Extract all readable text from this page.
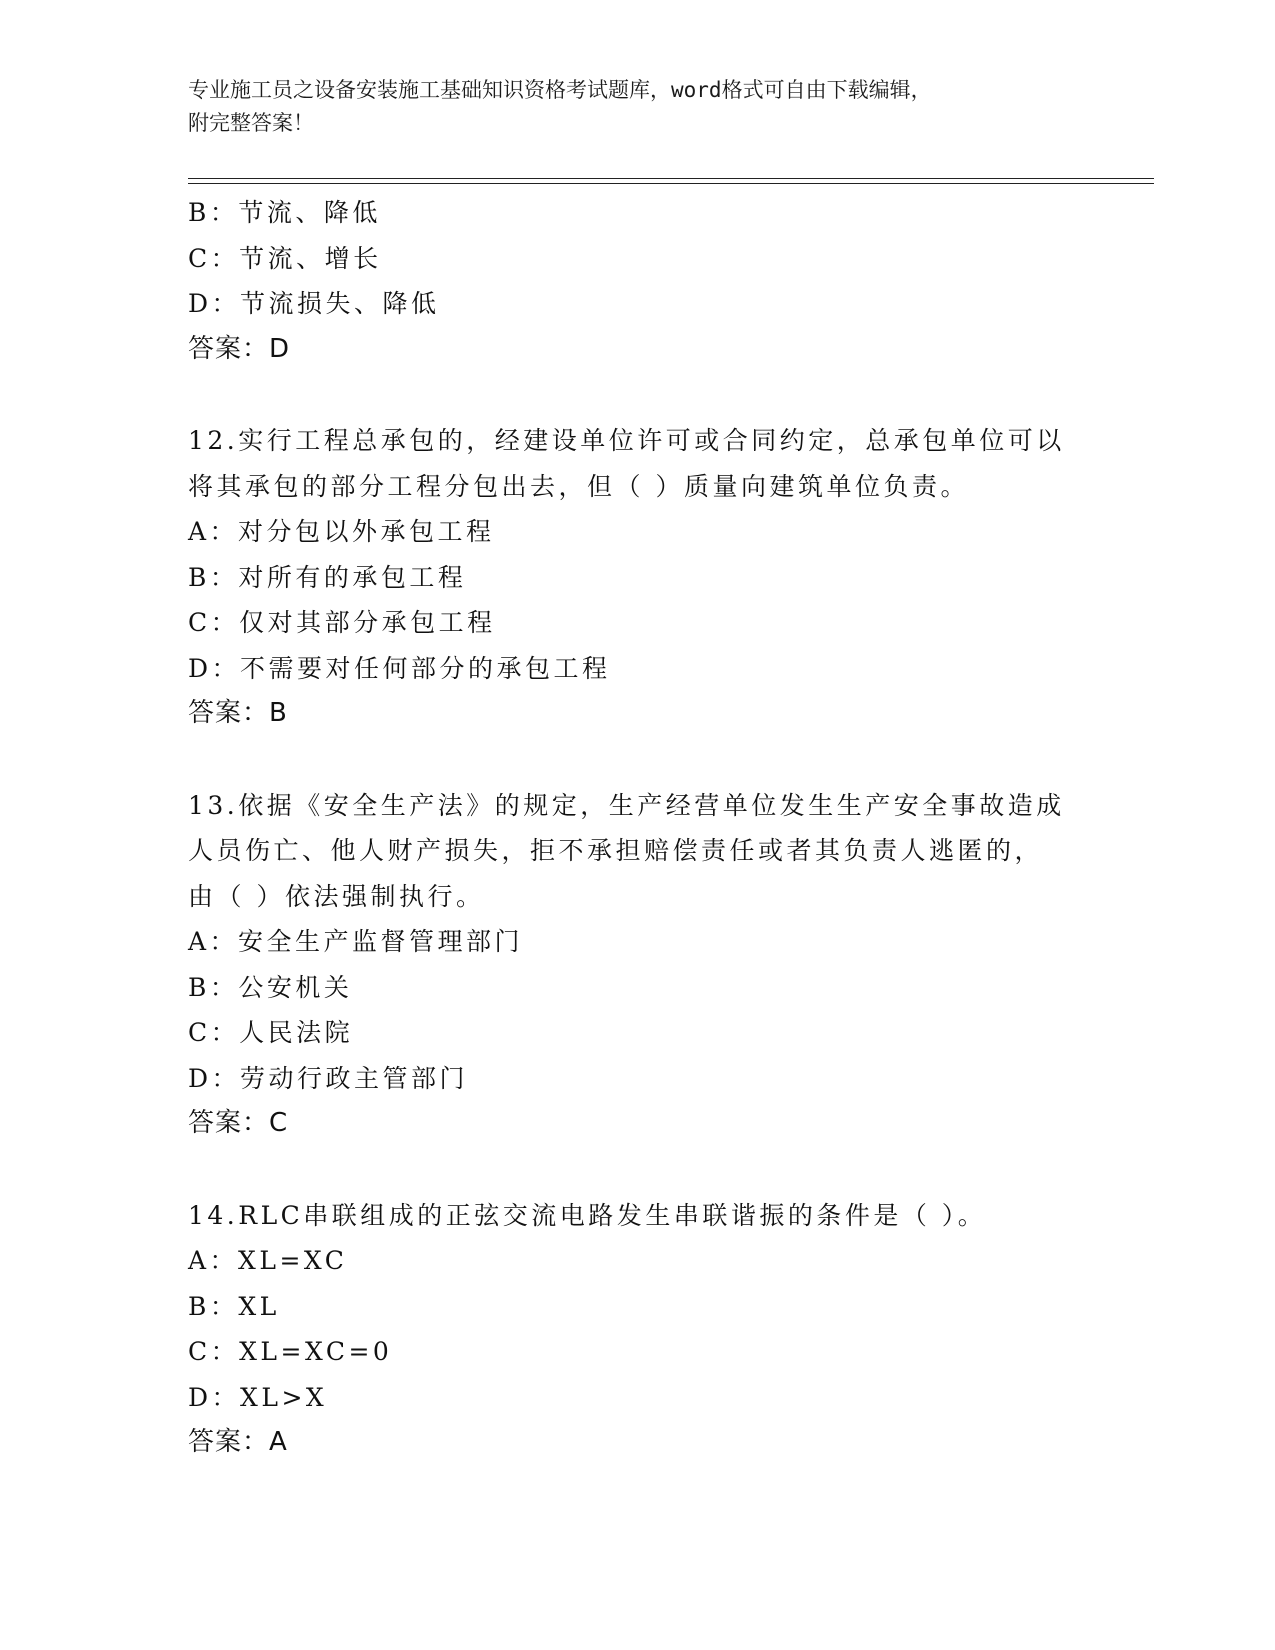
专业施工员之设备安装施工基础知识资格考试题库，word格式可自由下载编辑，
附完整答案！
B：节流、降低
C：节流、增长
D：节流损失、降低
答案：D
12.实行工程总承包的，经建设单位许可或合同约定，总承包单位可以
将其承包的部分工程分包出去，但（ ）质量向建筑单位负责。
A：对分包以外承包工程
B：对所有的承包工程
C：仅对其部分承包工程
D：不需要对任何部分的承包工程
答案：B
13.依据《安全生产法》的规定，生产经营单位发生生产安全事故造成
人员伤亡、他人财产损失，拒不承担赔偿责任或者其负责人逃匿的，
由（ ）依法强制执行。
A：安全生产监督管理部门
B：公安机关
C：人民法院
D：劳动行政主管部门
答案：C
14.RLC串联组成的正弦交流电路发生串联谐振的条件是（ ）。
A：XL=XC
B：XL
C：XL=XC=0
D：XL>X
答案：A
